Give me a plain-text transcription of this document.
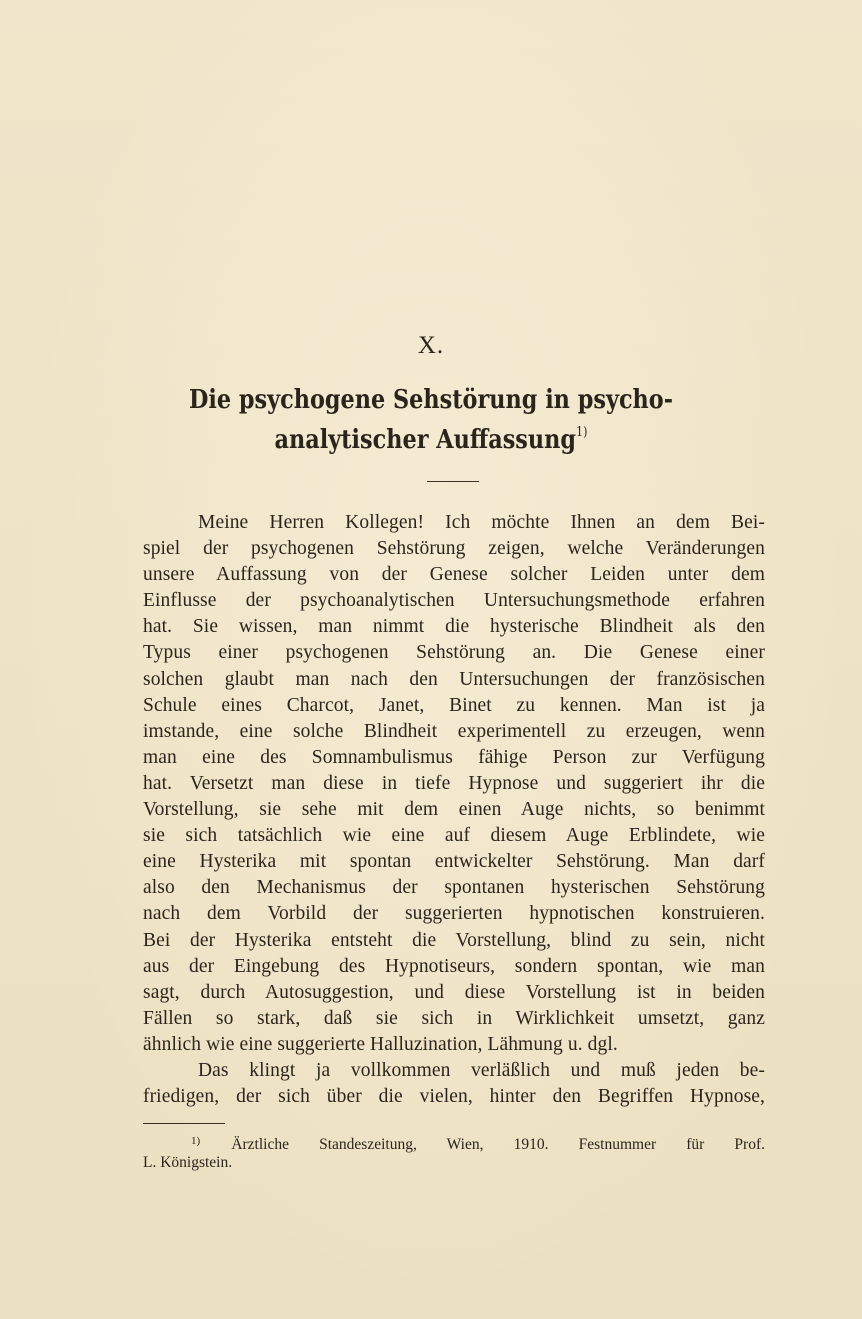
X.
Die psychogene Sehstörung in psycho-
analytischer Auffassung$^{1)}$
Meine Herren Kollegen! Ich möchte Ihnen an dem Bei-
spiel der psychogenen Sehstörung zeigen, welche Veränderungen
unsere Auffassung von der Genese solcher Leiden unter dem
Einflusse der psychoanalytischen Untersuchungsmethode erfahren
hat. Sie wissen, man nimmt die hysterische Blindheit als den
Typus einer psychogenen Sehstörung an. Die Genese einer
solchen glaubt man nach den Untersuchungen der französischen
Schule eines Charcot, Janet, Binet zu kennen. Man ist ja
imstande, eine solche Blindheit experimentell zu erzeugen, wenn
man eine des Somnambulismus fähige Person zur Verfügung
hat. Versetzt man diese in tiefe Hypnose und suggeriert ihr die
Vorstellung, sie sehe mit dem einen Auge nichts, so benimmt
sie sich tatsächlich wie eine auf diesem Auge Erblindete, wie
eine Hysterika mit spontan entwickelter Sehstörung. Man darf
also den Mechanismus der spontanen hysterischen Sehstörung
nach dem Vorbild der suggerierten hypnotischen konstruieren.
Bei der Hysterika entsteht die Vorstellung, blind zu sein, nicht
aus der Eingebung des Hypnotiseurs, sondern spontan, wie man
sagt, durch Autosuggestion, und diese Vorstellung ist in beiden
Fällen so stark, daß sie sich in Wirklichkeit umsetzt, ganz
ähnlich wie eine suggerierte Halluzination, Lähmung u. dgl.
Das klingt ja vollkommen verläßlich und muß jeden be-
friedigen, der sich über die vielen, hinter den Begriffen Hypnose,
$^{1)}$ Ärztliche Standeszeitung, Wien, 1910. Festnummer für Prof.
L. Königstein.
